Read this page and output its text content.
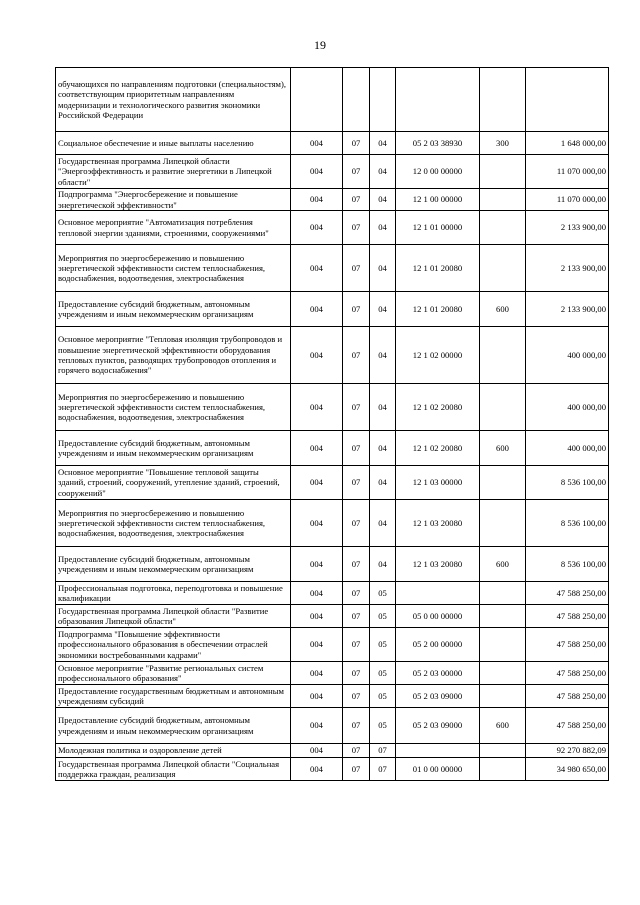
19
обучающихся по направлениям подготовки (специальностям), соответствующим приоритетным направлениям модернизации и технологического развития экономики Российской Федерации						
Социальное обеспечение и иные выплаты населению	004	07	04	05 2 03 38930	300	1 648 000,00
Государственная программа Липецкой области "Энергоэффективность и развитие энергетики в Липецкой области"	004	07	04	12 0 00 00000		11 070 000,00
Подпрограмма "Энергосбережение и повышение энергетической эффективности"	004	07	04	12 1 00 00000		11 070 000,00
Основное мероприятие "Автоматизация потребления тепловой энергии зданиями, строениями, сооружениями"	004	07	04	12 1 01 00000		2 133 900,00
Мероприятия по энергосбережению и повышению энергетической эффективности систем теплоснабжения, водоснабжения, водоотведения, электроснабжения	004	07	04	12 1 01 20080		2 133 900,00
Предоставление субсидий бюджетным, автономным учреждениям и иным некоммерческим организациям	004	07	04	12 1 01 20080	600	2 133 900,00
Основное мероприятие "Тепловая изоляция трубопроводов и повышение энергетической эффективности оборудования тепловых пунктов, разводящих трубопроводов отопления и горячего водоснабжения"	004	07	04	12 1 02 00000		400 000,00
Мероприятия по энергосбережению и повышению энергетической эффективности систем теплоснабжения, водоснабжения, водоотведения, электроснабжения	004	07	04	12 1 02 20080		400 000,00
Предоставление субсидий бюджетным, автономным учреждениям и иным некоммерческим организациям	004	07	04	12 1 02 20080	600	400 000,00
Основное мероприятие "Повышение тепловой защиты зданий, строений, сооружений, утепление зданий, строений, сооружений"	004	07	04	12 1 03 00000		8 536 100,00
Мероприятия по энергосбережению и повышению энергетической эффективности систем теплоснабжения, водоснабжения, водоотведения, электроснабжения	004	07	04	12 1 03 20080		8 536 100,00
Предоставление субсидий бюджетным, автономным учреждениям и иным некоммерческим организациям	004	07	04	12 1 03 20080	600	8 536 100,00
Профессиональная подготовка, переподготовка и повышение квалификации	004	07	05			47 588 250,00
Государственная программа Липецкой области "Развитие образования Липецкой области"	004	07	05	05 0 00 00000		47 588 250,00
Подпрограмма "Повышение эффективности профессионального образования в обеспечении отраслей экономики востребованными кадрами"	004	07	05	05 2 00 00000		47 588 250,00
Основное мероприятие "Развитие региональных систем профессионального образования"	004	07	05	05 2 03 00000		47 588 250,00
Предоставление государственным бюджетным и автономным учреждениям субсидий	004	07	05	05 2 03 09000		47 588 250,00
Предоставление субсидий бюджетным, автономным учреждениям и иным некоммерческим организациям	004	07	05	05 2 03 09000	600	47 588 250,00
Молодежная политика и оздоровление детей	004	07	07			92 270 882,09
Государственная программа Липецкой области "Социальная поддержка граждан, реализация	004	07	07	01 0 00 00000		34 980 650,00
